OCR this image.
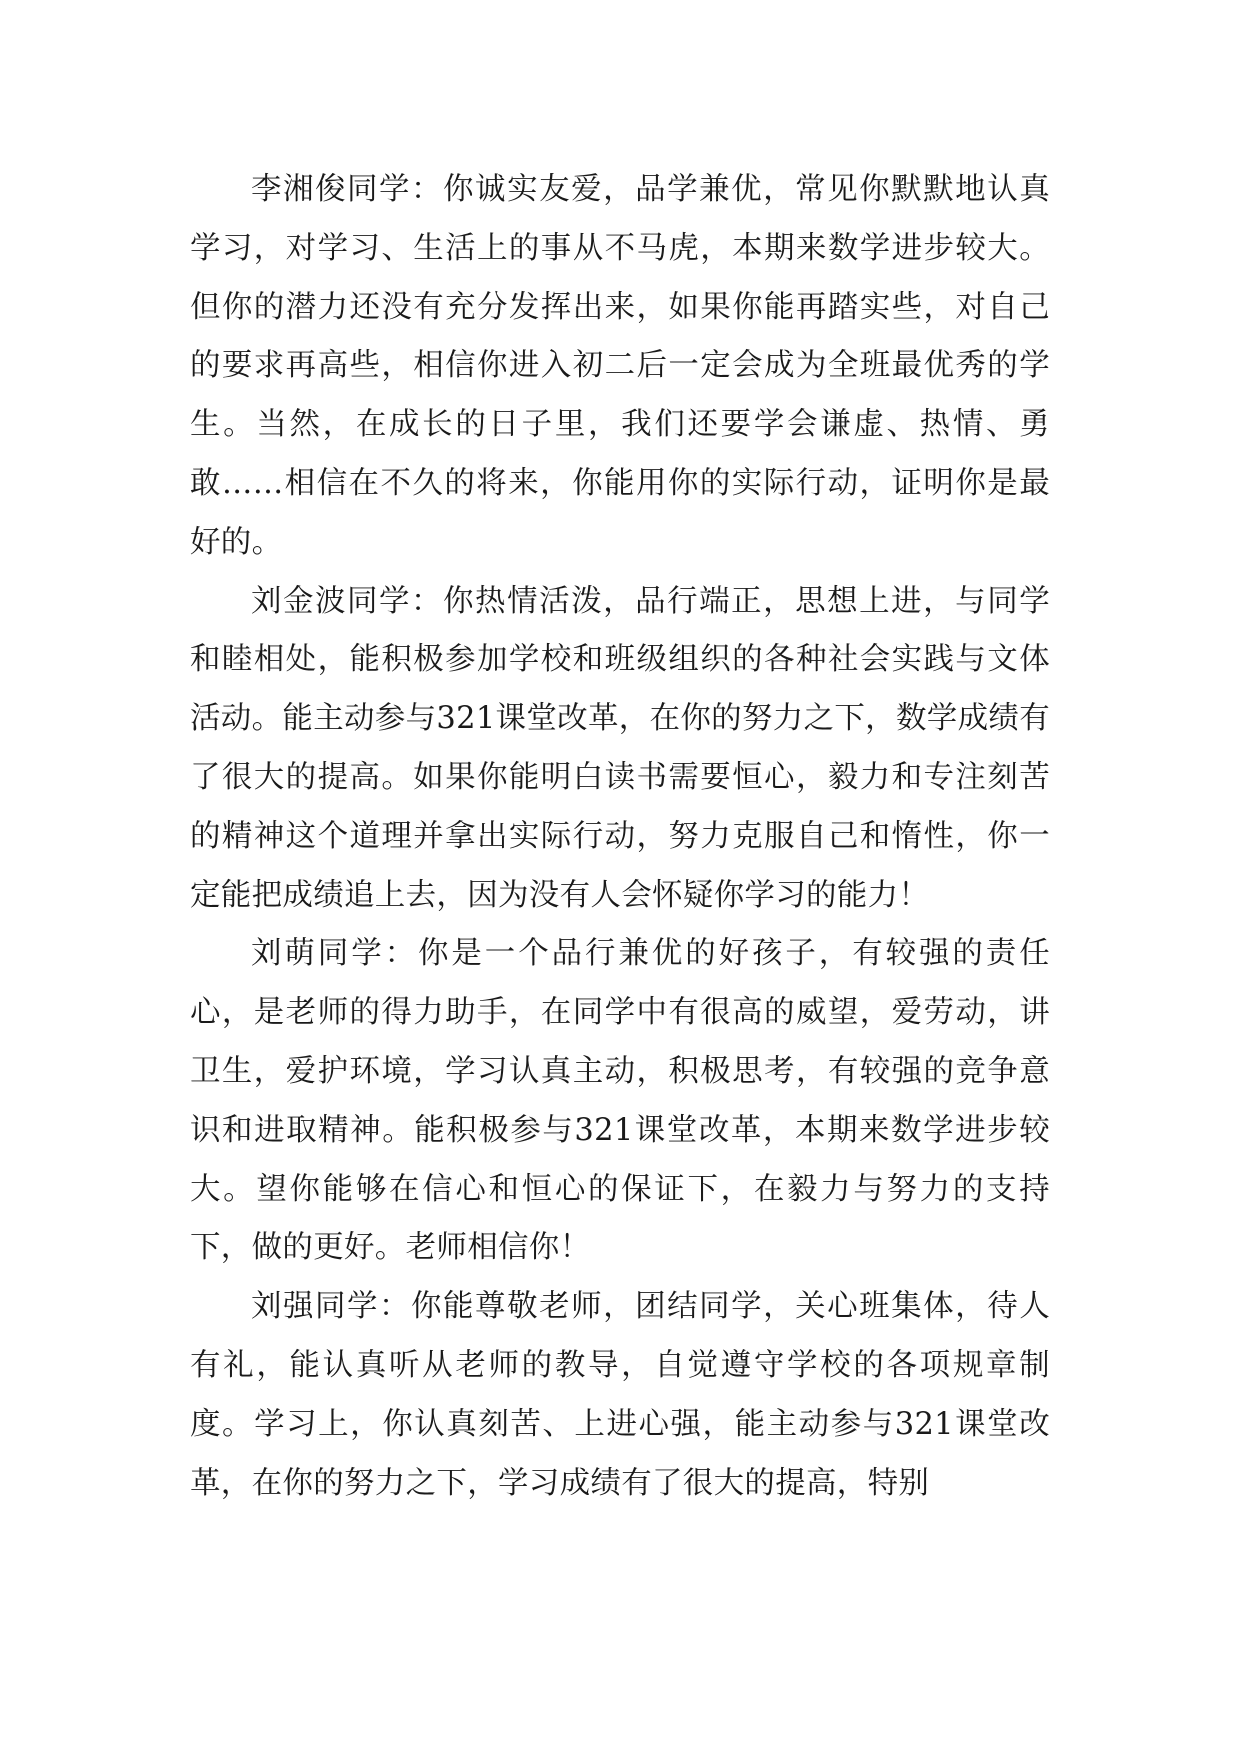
李湘俊同学：你诚实友爱，品学兼优，常见你默默地认真学习，对学习、生活上的事从不马虎，本期来数学进步较大。但你的潜力还没有充分发挥出来，如果你能再踏实些，对自己的要求再高些，相信你进入初二后一定会成为全班最优秀的学生。当然，在成长的日子里，我们还要学会谦虚、热情、勇敢……相信在不久的将来，你能用你的实际行动，证明你是最好的。

刘金波同学：你热情活泼，品行端正，思想上进，与同学和睦相处，能积极参加学校和班级组织的各种社会实践与文体活动。能主动参与321课堂改革，在你的努力之下，数学成绩有了很大的提高。如果你能明白读书需要恒心，毅力和专注刻苦的精神这个道理并拿出实际行动，努力克服自己和惰性，你一定能把成绩追上去，因为没有人会怀疑你学习的能力！

刘萌同学：你是一个品行兼优的好孩子，有较强的责任心，是老师的得力助手，在同学中有很高的威望，爱劳动，讲卫生，爱护环境，学习认真主动，积极思考，有较强的竞争意识和进取精神。能积极参与321课堂改革，本期来数学进步较大。望你能够在信心和恒心的保证下，在毅力与努力的支持下，做的更好。老师相信你！

刘强同学：你能尊敬老师，团结同学，关心班集体，待人有礼，能认真听从老师的教导，自觉遵守学校的各项规章制度。学习上，你认真刻苦、上进心强，能主动参与321课堂改革，在你的努力之下，学习成绩有了很大的提高，特别
